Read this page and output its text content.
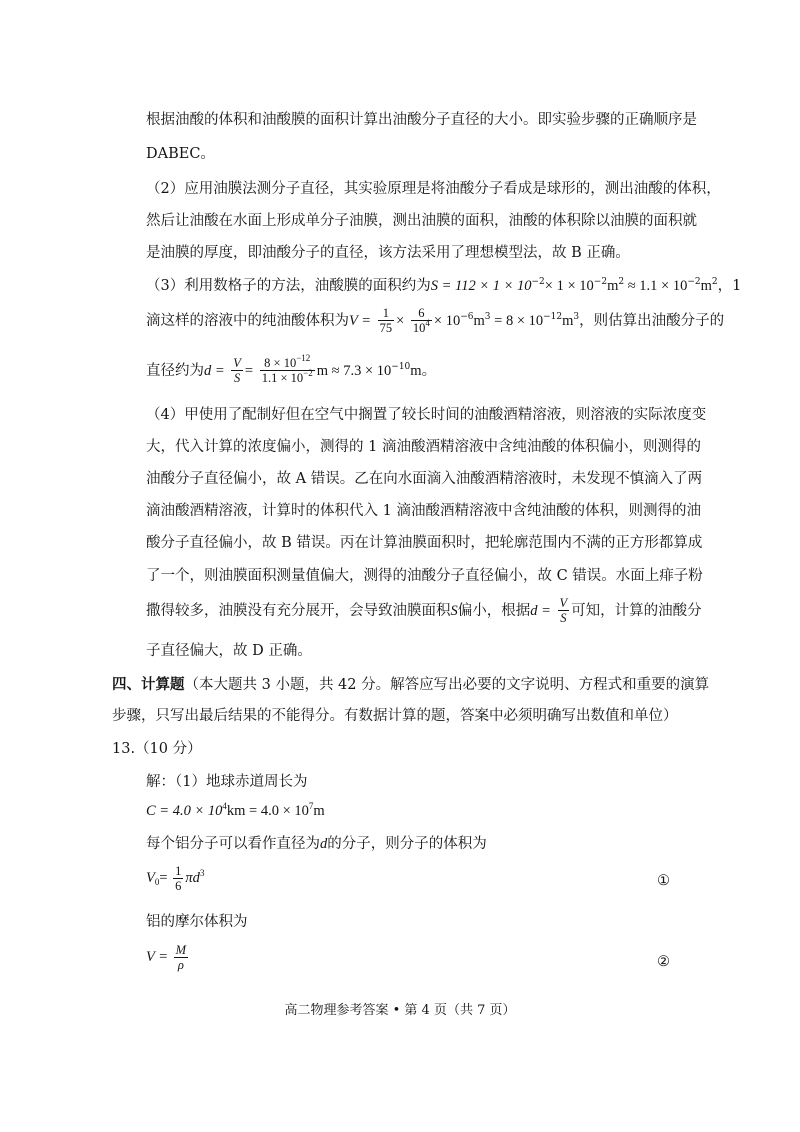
根据油酸的体积和油酸膜的面积计算出油酸分子直径的大小。即实验步骤的正确顺序是
DABEC。
（2）应用油膜法测分子直径，其实验原理是将油酸分子看成是球形的，测出油酸的体积，
然后让油酸在水面上形成单分子油膜，测出油膜的面积，油酸的体积除以油膜的面积就
是油膜的厚度，即油酸分子的直径，该方法采用了理想模型法，故 B 正确。
（3）利用数格子的方法，油酸膜的面积约为$S = 112 \times 1 \times 10^{-2}\times 1 \times 10^{-2}m^2 \approx 1.1 \times 10^{-2}m^2$，1
滴这样的溶液中的纯油酸体积为$V = \frac{1}{75} \times \frac{6}{10^4} \times 10^{-6}m^3 = 8 \times 10^{-12}m^3$，则估算出油酸分子的
直径约为$d = \frac{V}{S} = \frac{8 \times 10^{-12}}{1.1 \times 10^{-2}}$ $m \approx 7.3 \times 10^{-10}m$。
（4）甲使用了配制好但在空气中搁置了较长时间的油酸酒精溶液，则溶液的实际浓度变
大，代入计算的浓度偏小，测得的 1 滴油酸酒精溶液中含纯油酸的体积偏小，则测得的
油酸分子直径偏小，故 A 错误。乙在向水面滴入油酸酒精溶液时，未发现不慎滴入了两
滴油酸酒精溶液，计算时的体积代入 1 滴油酸酒精溶液中含纯油酸的体积，则测得的油
酸分子直径偏小，故 B 错误。丙在计算油膜面积时，把轮廓范围内不满的正方形都算成
了一个，则油膜面积测量值偏大，测得的油酸分子直径偏小，故 C 错误。水面上痱子粉
撒得较多，油膜没有充分展开，会导致油膜面积S偏小，根据$d = \frac{V}{S}$ 可知，计算的油酸分
子直径偏大，故 D 正确。
四、计算题（本大题共 3 小题，共 42 分。解答应写出必要的文字说明、方程式和重要的演算
步骤，只写出最后结果的不能得分。有数据计算的题，答案中必须明确写出数值和单位）
13.（10 分）
解：（1）地球赤道周长为
$C = 4.0 \times 10^4km = 4.0 \times 10^7m$
每个铝分子可以看作直径为d的分子，则分子的体积为
$V_0= \frac{1}{6} \pi d^3$	①
铝的摩尔体积为
$V = \frac{M}{\rho}$	②
高二物理参考答案 • 第 4 页（共 7 页）
